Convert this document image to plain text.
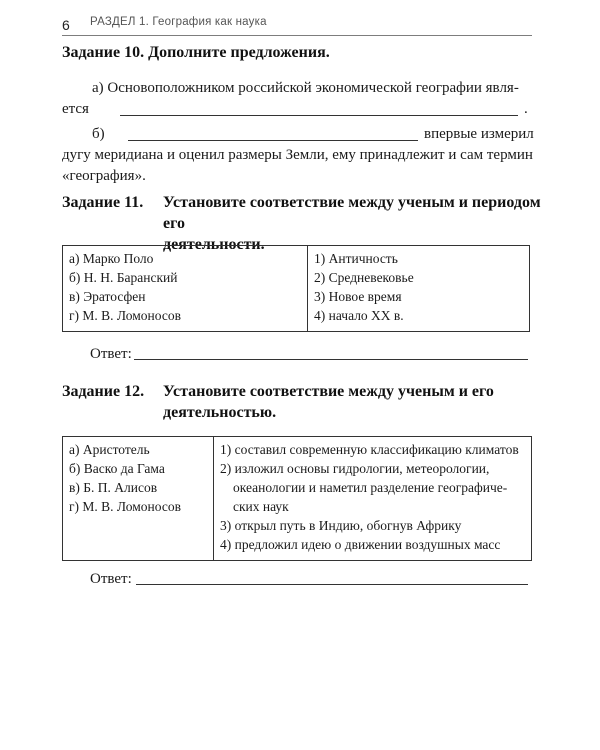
6 РАЗДЕЛ 1. География как наука
Задание 10. Дополните предложения.
а) Основоположником российской экономической географии явля-
ется	.
б)	впервые измерил
дугу меридиана и оценил размеры Земли, ему принадлежит и сам термин
«география».
Задание 11. Установите соответствие между ученым и периодом его
деятельности.
а) Марко Поло
б) Н. Н. Баранский
в) Эратосфен
г) М. В. Ломоносов

1) Античность
2) Средневековье
3) Новое время
4) начало XX в.
Ответ:
Задание 12. Установите соответствие между ученым и его
деятельностью.
а) Аристотель
б) Васко да Гама
в) Б. П. Алисов
г) М. В. Ломоносов

1) составил современную классификацию климатов
2) изложил основы гидрологии, метеорологии, океанологии и наметил разделение географиче-ских наук
3) открыл путь в Индию, обогнув Африку
4) предложил идею о движении воздушных масс
Ответ:
